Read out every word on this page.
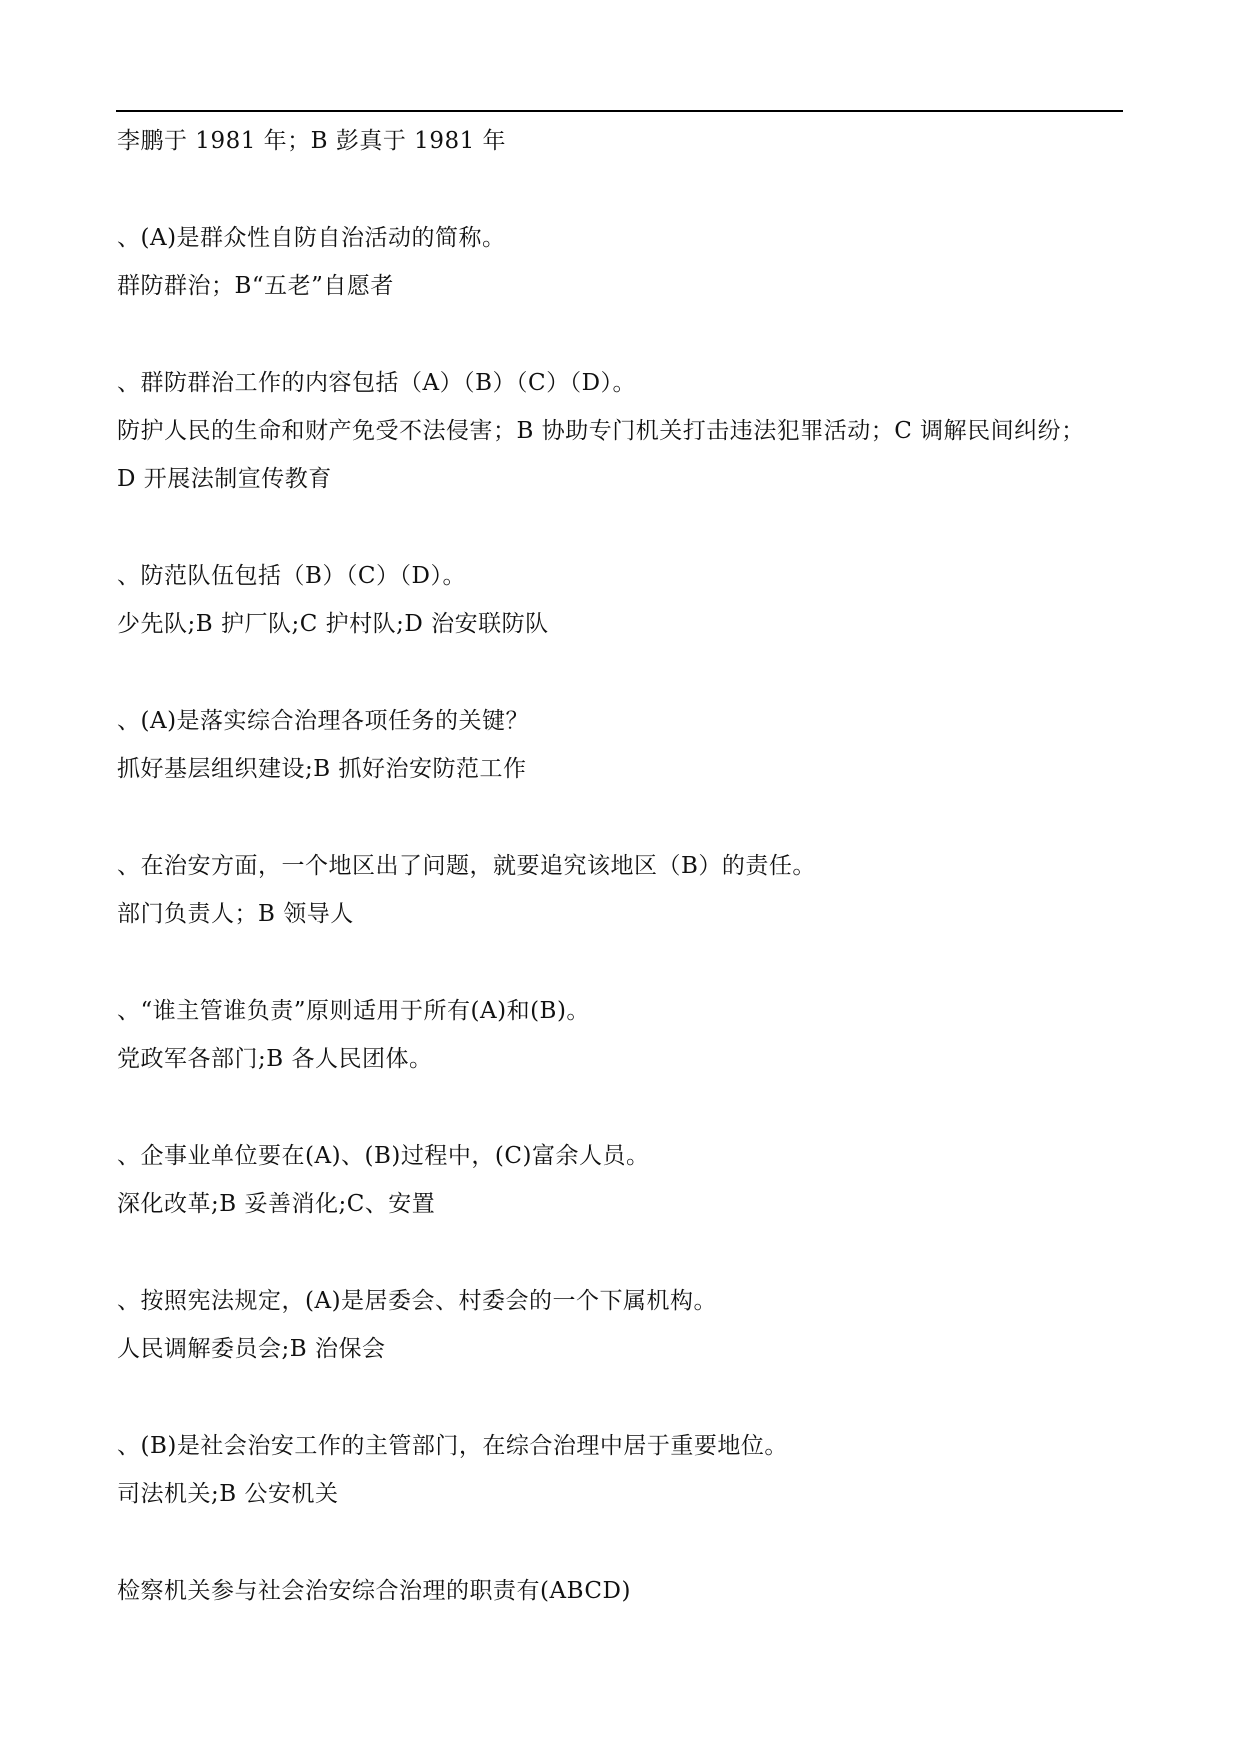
李鹏于 1981 年；B 彭真于 1981 年
、(A)是群众性自防自治活动的简称。
群防群治；B“五老”自愿者
、群防群治工作的内容包括（A）（B）（C）（D）。
防护人民的生命和财产免受不法侵害；B 协助专门机关打击违法犯罪活动；C 调解民间纠纷；
D 开展法制宣传教育
、防范队伍包括（B）（C）（D）。
少先队;B 护厂队;C 护村队;D 治安联防队
、(A)是落实综合治理各项任务的关键？
抓好基层组织建设;B 抓好治安防范工作
、在治安方面，一个地区出了问题，就要追究该地区（B）的责任。
部门负责人；B 领导人
、“谁主管谁负责”原则适用于所有(A)和(B)。
党政军各部门;B 各人民团体。
、企事业单位要在(A)、(B)过程中，(C)富余人员。
深化改革;B 妥善消化;C、安置
、按照宪法规定，(A)是居委会、村委会的一个下属机构。
人民调解委员会;B 治保会
、(B)是社会治安工作的主管部门，在综合治理中居于重要地位。
司法机关;B 公安机关
检察机关参与社会治安综合治理的职责有(ABCD)
